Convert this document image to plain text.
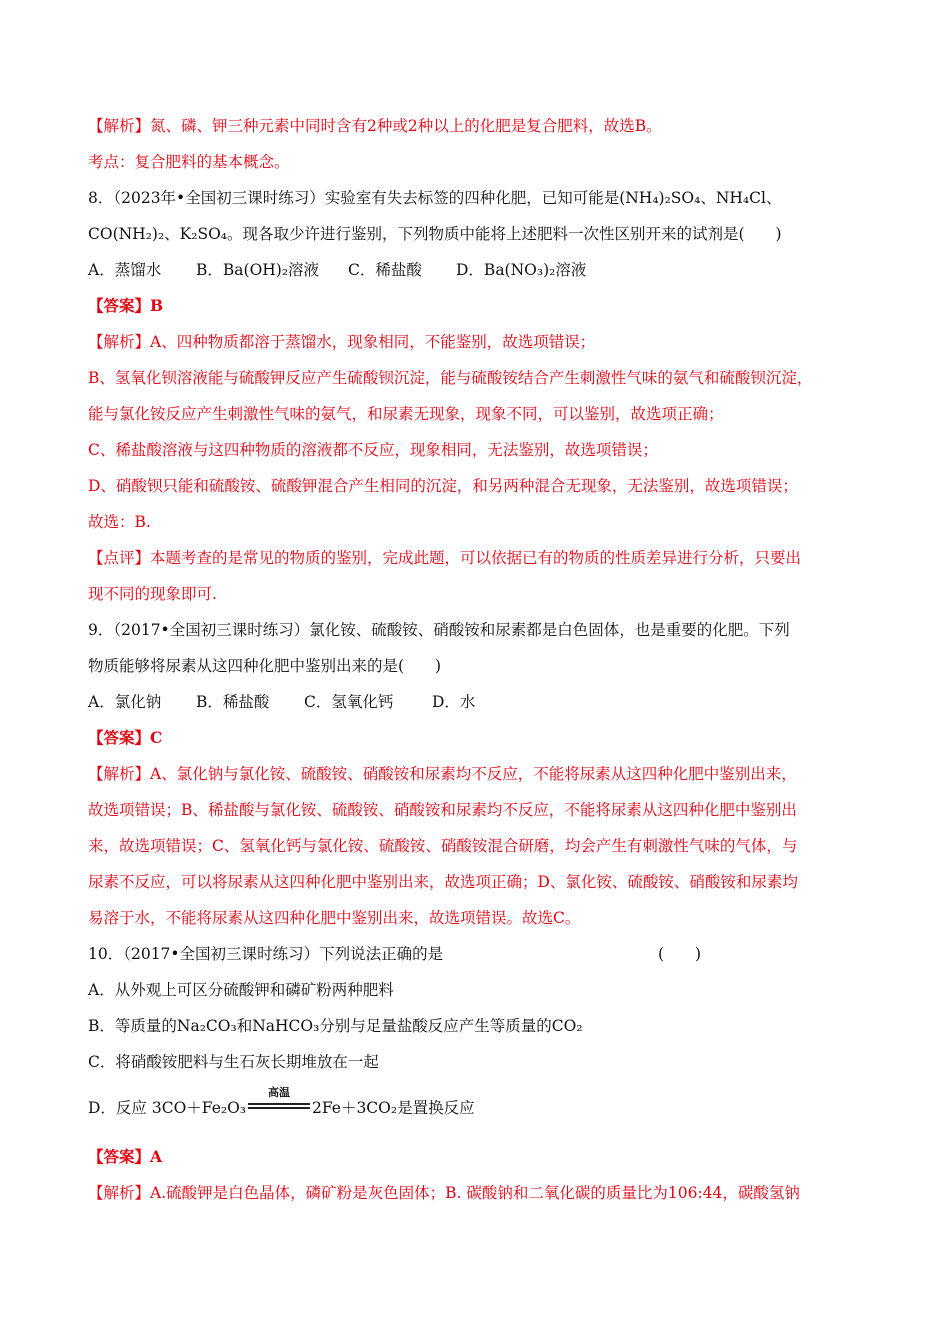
【解析】氮、磷、钾三种元素中同时含有2种或2种以上的化肥是复合肥料，故选B。
考点：复合肥料的基本概念。
8．（2023年•全国初三课时练习）实验室有失去标签的四种化肥，已知可能是(NH₄)₂SO₄、NH₄Cl、
CO(NH₂)₂、K₂SO₄。现各取少许进行鉴别，下列物质中能将上述肥料一次性区别开来的试剂是(　　)
A．蒸馏水 B．Ba(OH)₂溶液 C．稀盐酸 D．Ba(NO₃)₂溶液
【答案】B
【解析】A、四种物质都溶于蒸馏水，现象相同，不能鉴别，故选项错误；
B、氢氧化钡溶液能与硫酸钾反应产生硫酸钡沉淀，能与硫酸铵结合产生刺激性气味的氨气和硫酸钡沉淀，
能与氯化铵反应产生刺激性气味的氨气，和尿素无现象，现象不同，可以鉴别，故选项正确；
C、稀盐酸溶液与这四种物质的溶液都不反应，现象相同，无法鉴别，故选项错误；
D、硝酸钡只能和硫酸铵、硫酸钾混合产生相同的沉淀，和另两种混合无现象，无法鉴别，故选项错误；
故选：B.
【点评】本题考查的是常见的物质的鉴别，完成此题，可以依据已有的物质的性质差异进行分析，只要出
现不同的现象即可.
9．（2017•全国初三课时练习）氯化铵、硫酸铵、硝酸铵和尿素都是白色固体，也是重要的化肥。下列
物质能够将尿素从这四种化肥中鉴别出来的是(　　)
A．氯化钠 B．稀盐酸 C．氢氧化钙 D．水
【答案】C
【解析】A、氯化钠与氯化铵、硫酸铵、硝酸铵和尿素均不反应，不能将尿素从这四种化肥中鉴别出来，
故选项错误；B、稀盐酸与氯化铵、硫酸铵、硝酸铵和尿素均不反应，不能将尿素从这四种化肥中鉴别出
来，故选项错误；C、氢氧化钙与氯化铵、硫酸铵、硝酸铵混合研磨，均会产生有刺激性气味的气体，与
尿素不反应，可以将尿素从这四种化肥中鉴别出来，故选项正确；D、氯化铵、硫酸铵、硝酸铵和尿素均
易溶于水，不能将尿素从这四种化肥中鉴别出来，故选项错误。故选C。
10．（2017•全国初三课时练习）下列说法正确的是	(　　)
A．从外观上可区分硫酸钾和磷矿粉两种肥料
B．等质量的Na₂CO₃和NaHCO₃分别与足量盐酸反应产生等质量的CO₂
C．将硝酸铵肥料与生石灰长期堆放在一起
D．反应 3CO＋Fe₂O₃
高温
2Fe＋3CO₂是置换反应
【答案】A
【解析】A.硫酸钾是白色晶体，磷矿粉是灰色固体；B. 碳酸钠和二氧化碳的质量比为106:44，碳酸氢钠
